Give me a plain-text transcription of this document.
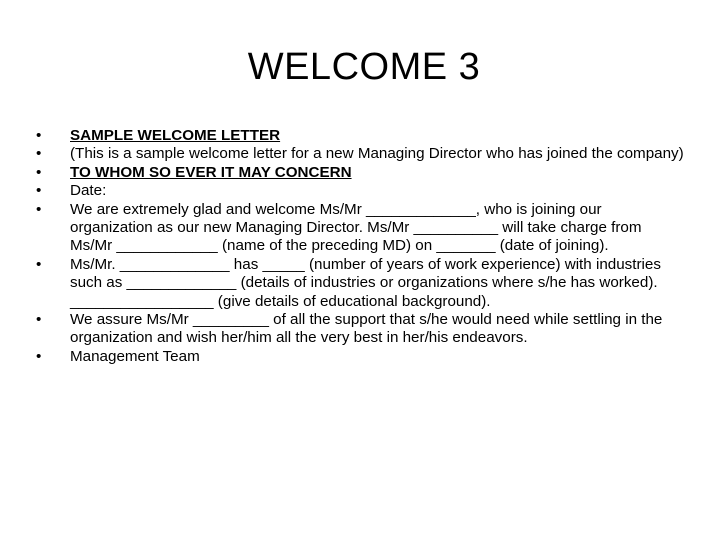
WELCOME 3
•	SAMPLE WELCOME LETTER
•	(This is a sample welcome letter for a new Managing Director who has joined the company)
•	TO WHOM SO EVER IT MAY CONCERN
•	Date:
•	We are extremely glad and welcome Ms/Mr _____________, who is joining our organization as our new Managing Director. Ms/Mr __________ will take charge from Ms/Mr ____________ (name of the preceding MD) on _______ (date of joining).
•	Ms/Mr. _____________ has _____ (number of years of work experience) with industries such as _____________ (details of industries or organizations where s/he has worked). _________________ (give details of educational background).
•	We assure Ms/Mr _________ of all the support that s/he would need while settling in the organization and wish her/him all the very best in her/his endeavors.
•	Management Team
